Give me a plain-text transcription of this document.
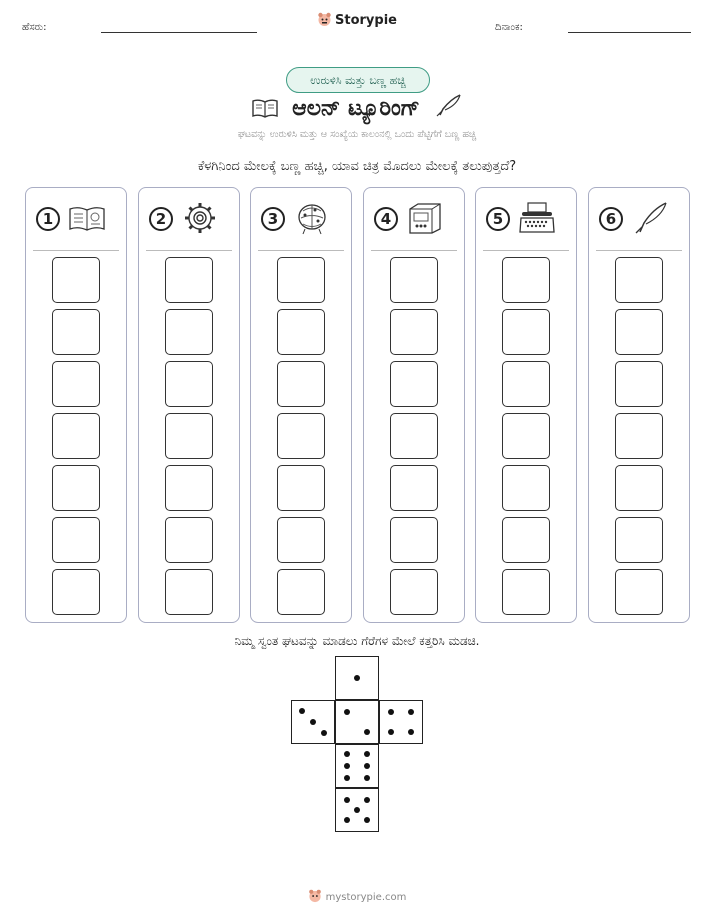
ಹೆಸರು:	Storypie	ದಿನಾಂಕ:
ಉರುಳಿಸಿ ಮತ್ತು ಬಣ್ಣ ಹಚ್ಚಿ
ಆಲನ್ ಟ್ಯೂರಿಂಗ್
ಘಟವನ್ನು ಉರುಳಿಸಿ ಮತ್ತು ಆ ಸಂಖ್ಯೆಯ ಕಾಲಂನಲ್ಲಿ ಒಂದು ಪೆಟ್ಟಿಗೆಗೆ ಬಣ್ಣ ಹಚ್ಚಿ
ಕೆಳಗಿನಿಂದ ಮೇಲಕ್ಕೆ ಬಣ್ಣ ಹಚ್ಚಿ, ಯಾವ ಚಿತ್ರ ಮೊದಲು ಮೇಲಕ್ಕೆ ತಲುಪುತ್ತದೆ?
1	2	3	4	5	6
ನಿಮ್ಮ ಸ್ವಂತ ಘಟವನ್ನು ಮಾಡಲು ಗೆರೆಗಳ ಮೇಲೆ ಕತ್ತರಿಸಿ ಮಡಚಿ.
mystorypie.com
